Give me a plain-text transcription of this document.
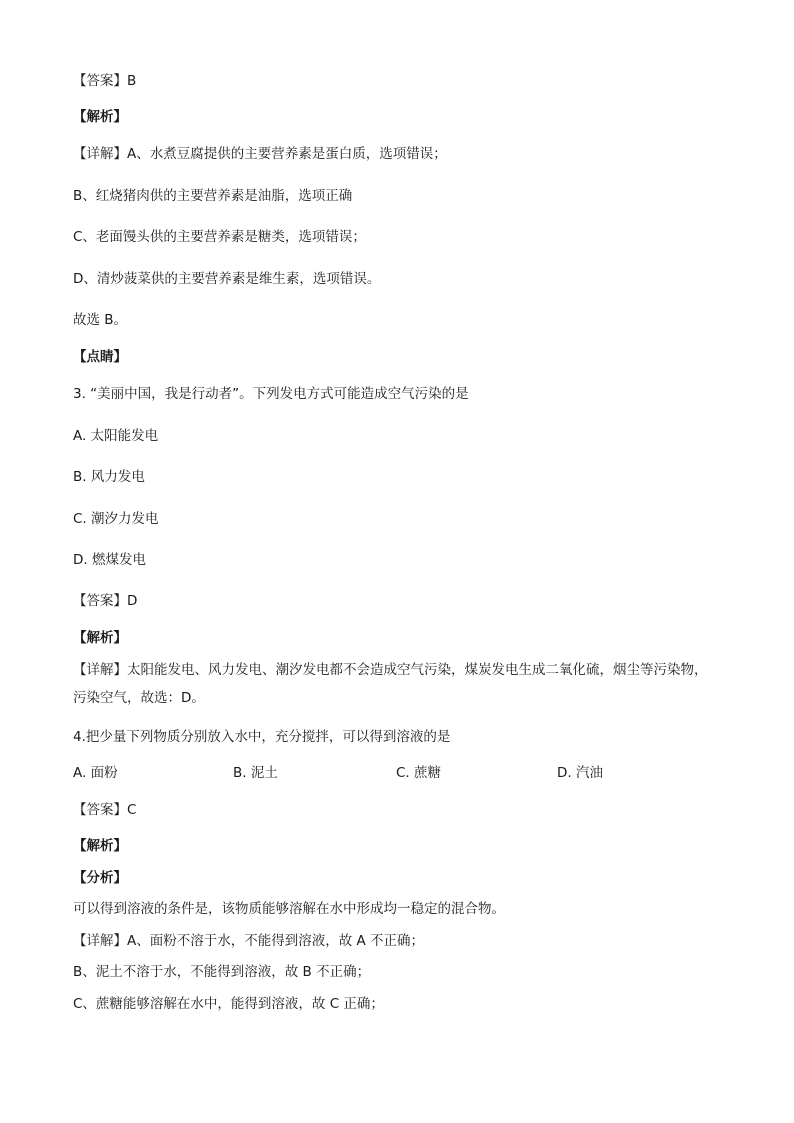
【答案】B
【解析】
【详解】A、水煮豆腐提供的主要营养素是蛋白质，选项错误；
B、红烧猪肉供的主要营养素是油脂，选项正确
C、老面馒头供的主要营养素是糖类，选项错误；
D、清炒菠菜供的主要营养素是维生素，选项错误。
故选 B。
【点睛】
3. “美丽中国，我是行动者”。下列发电方式可能造成空气污染的是
A. 太阳能发电
B. 风力发电
C. 潮汐力发电
D. 燃煤发电
【答案】D
【解析】
【详解】太阳能发电、风力发电、潮汐发电都不会造成空气污染，煤炭发电生成二氧化硫，烟尘等污染物，
污染空气，故选：D。
4.把少量下列物质分别放入水中，充分搅拌，可以得到溶液的是
A. 面粉	B. 泥土	C. 蔗糖	D. 汽油
【答案】C
【解析】
【分析】
可以得到溶液的条件是，该物质能够溶解在水中形成均一稳定的混合物。
【详解】A、面粉不溶于水，不能得到溶液，故 A 不正确；
B、泥土不溶于水，不能得到溶液，故 B 不正确；
C、蔗糖能够溶解在水中，能得到溶液，故 C 正确；
